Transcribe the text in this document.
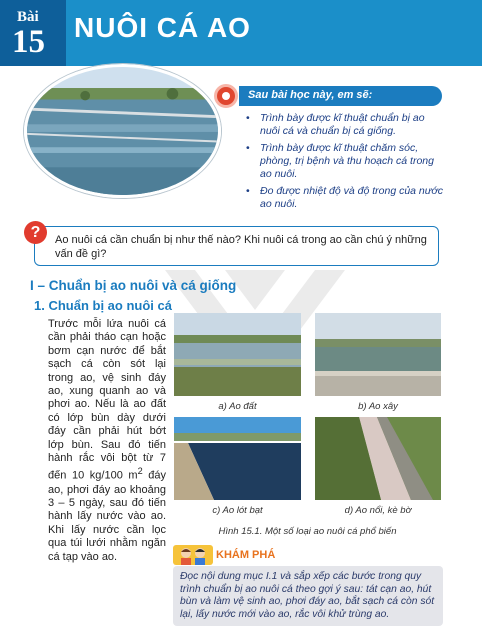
Bài
15 NUÔI CÁ AO
Sau bài học này, em sẽ:
• Trình bày được kĩ thuật chuẩn bị ao nuôi cá và chuẩn bị cá giống.
• Trình bày được kĩ thuật chăm sóc, phòng, trị bệnh và thu hoạch cá trong ao nuôi.
• Đo được nhiệt độ và độ trong của nước ao nuôi.
Ao nuôi cá cần chuẩn bị như thế nào? Khi nuôi cá trong ao cần chú ý những vấn đề gì?
?
I – Chuẩn bị ao nuôi và cá giống
1. Chuẩn bị ao nuôi cá
Trước mỗi lứa nuôi cá cần phải tháo cạn hoặc bơm cạn nước để bắt sạch cá còn sót lại trong ao, vệ sinh đáy ao, xung quanh ao và phơi ao. Nếu là ao đất có lớp bùn dày dưới đáy cần phải hút bớt lớp bùn. Sau đó tiến hành rắc vôi bột từ 7 đến 10 kg/100 $m^2$ đáy ao, phơi đáy ao khoảng 3 – 5 ngày, sau đó tiến hành lấy nước vào ao. Khi lấy nước cần lọc qua túi lưới nhằm ngăn cá tạp vào ao.
a) Ao đất	b) Ao xây
c) Ao lót bạt	d) Ao nổi, kè bờ
Hình 15.1. Một số loại ao nuôi cá phổ biến
KHÁM PHÁ
Đọc nội dung mục I.1 và sắp xếp các bước trong quy trình chuẩn bị ao nuôi cá theo gợi ý sau: tát cạn ao, hút bùn và làm vệ sinh ao, phơi đáy ao, bắt sạch cá còn sót lại, lấy nước mới vào ao, rắc vôi khử trùng ao.
